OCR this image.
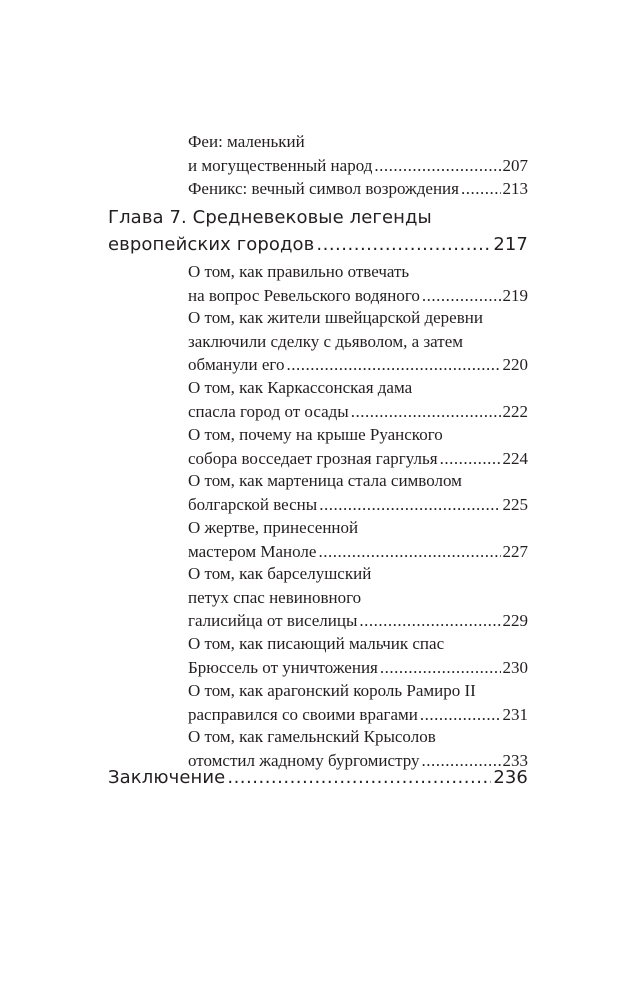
Феи: маленький
и могущественный народ .....	207
Феникс: вечный символ возрождения .....	213
Глава 7. Средневековые легенды
европейских городов .....	217
О том, как правильно отвечать
на вопрос Ревельского водяного .....	219
О том, как жители швейцарской деревни
заключили сделку с дьяволом, а затем
обманули его .....	220
О том, как Каркассонская дама
спасла город от осады .....	222
О том, почему на крыше Руанского
собора восседает грозная гаргулья .....	224
О том, как мартеница стала символом
болгарской весны .....	225
О жертве, принесенной
мастером Маноле .....	227
О том, как барселушский
петух спас невиновного
галисийца от виселицы .....	229
О том, как писающий мальчик спас
Брюссель от уничтожения .....	230
О том, как арагонский король Рамиро II
расправился со своими врагами .....	231
О том, как гамельнский Крысолов
отомстил жадному бургомистру .....	233
Заключение .....	236
